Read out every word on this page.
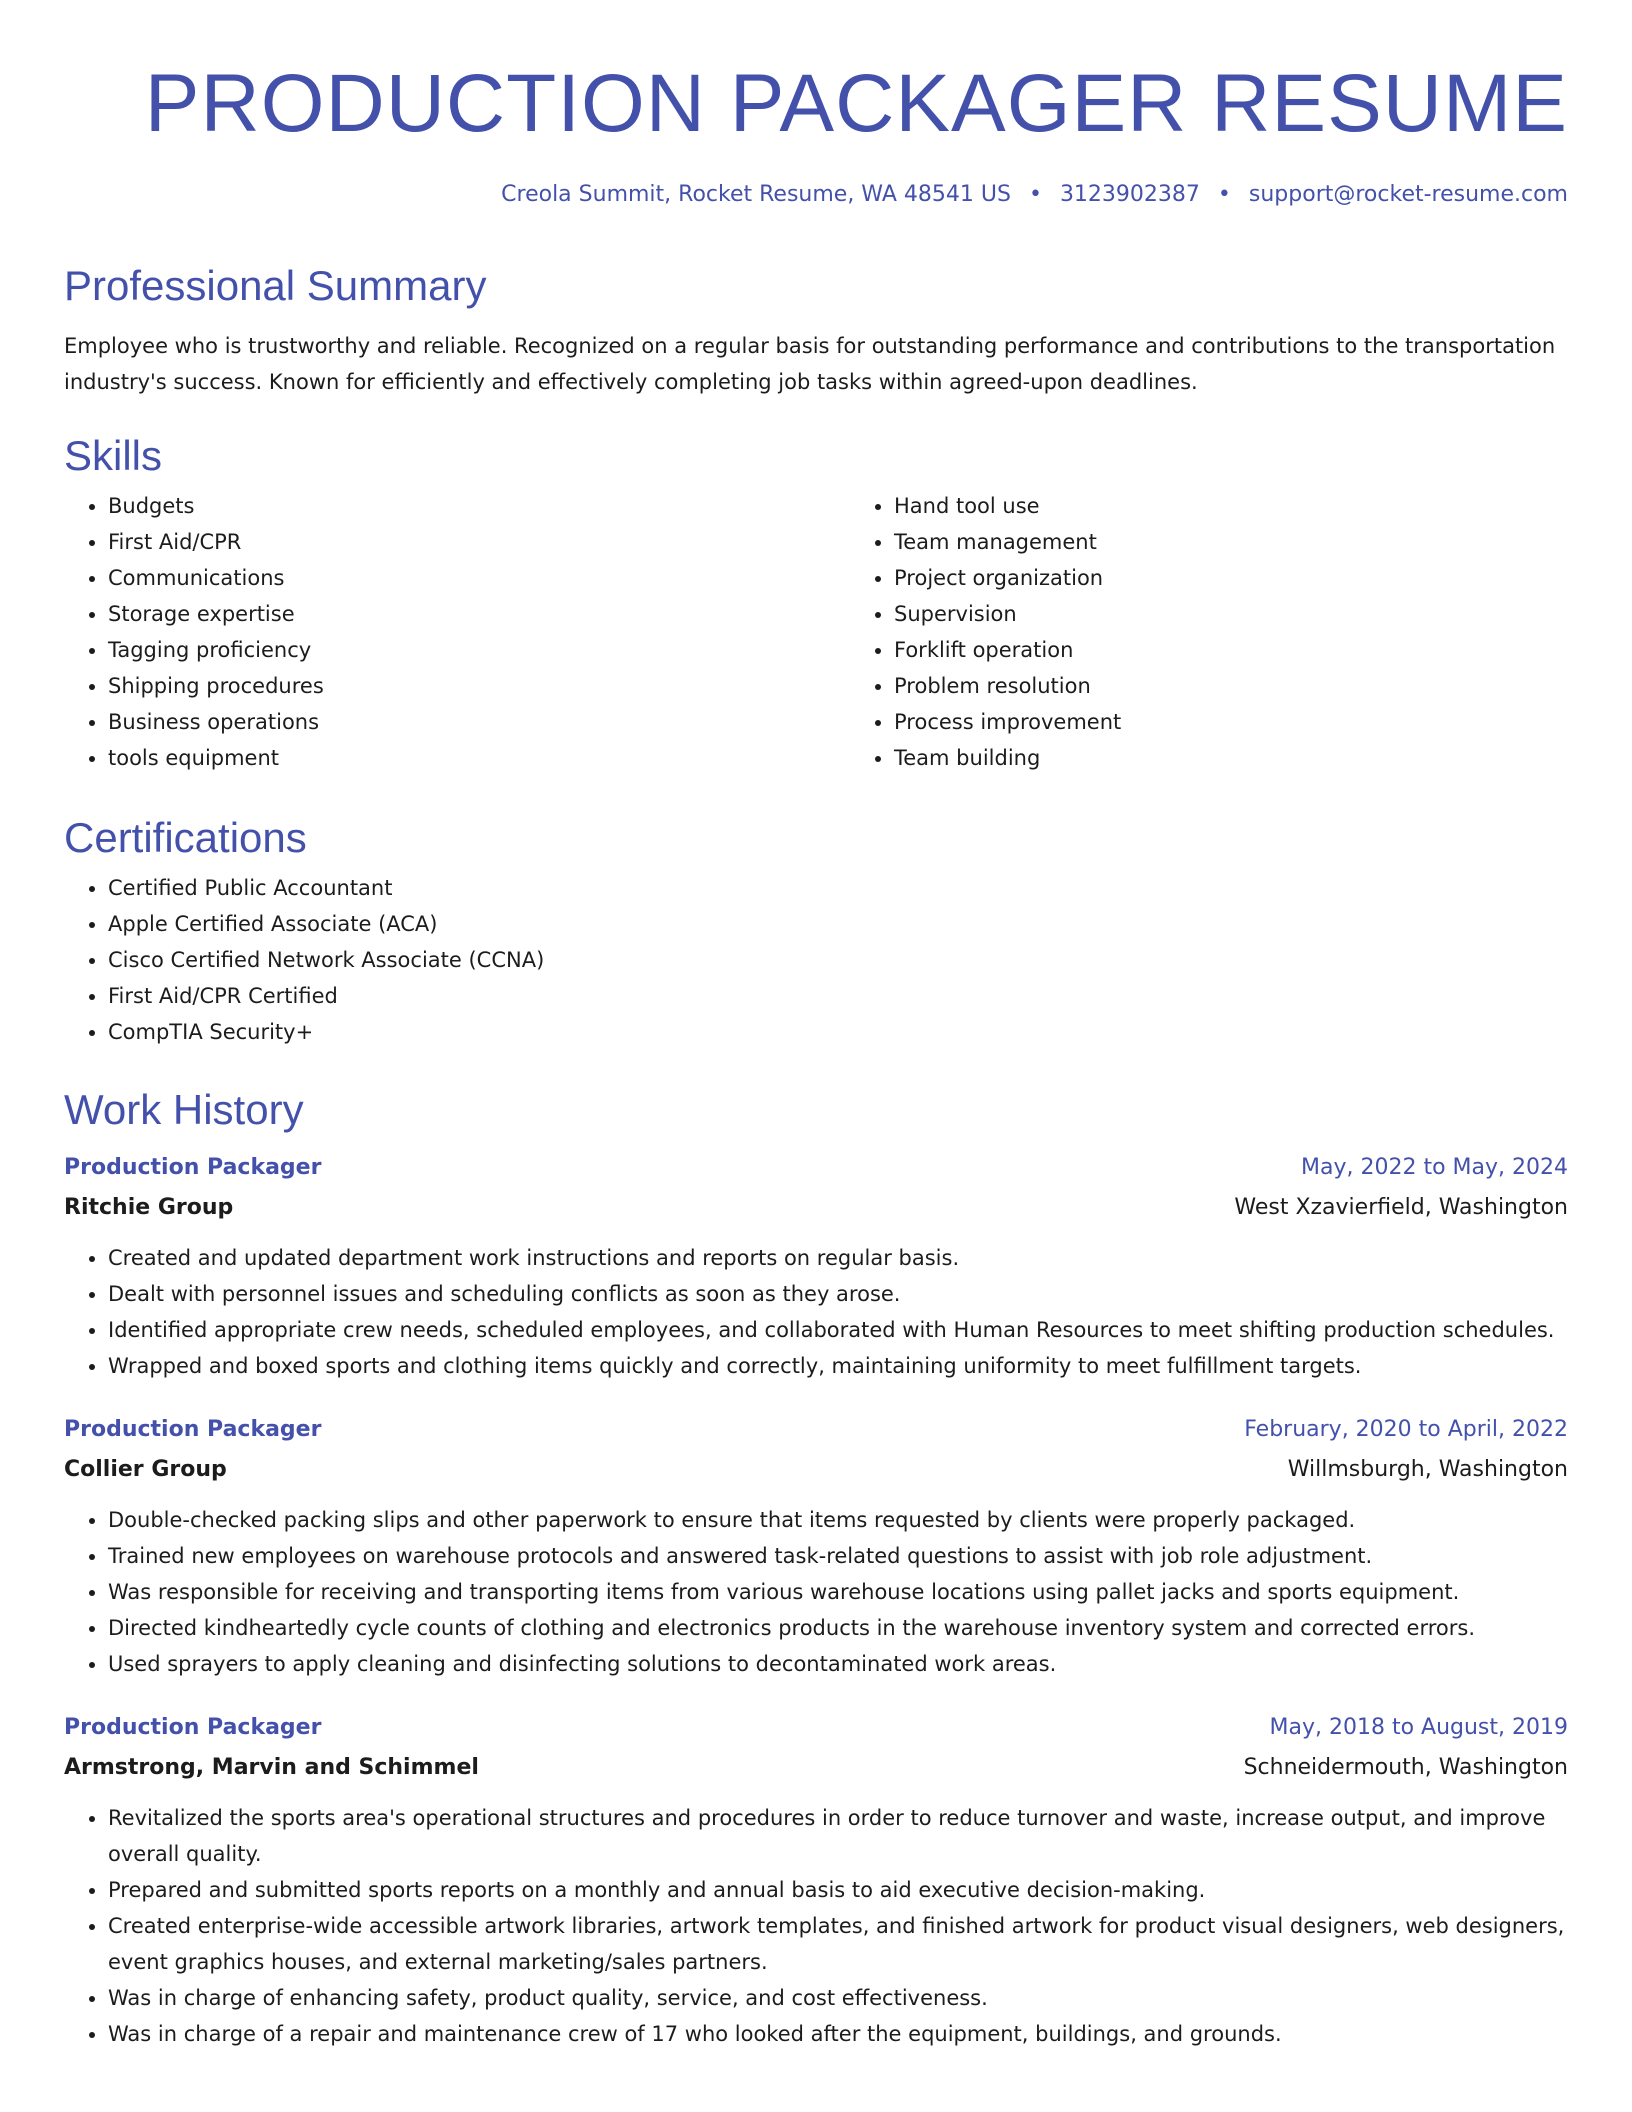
PRODUCTION PACKAGER RESUME
Creola Summit, Rocket Resume, WA 48541 US • 3123902387 • support@rocket-resume.com
Professional Summary

Employee who is trustworthy and reliable. Recognized on a regular basis for outstanding performance and contributions to the transportation industry's success. Known for efficiently and effectively completing job tasks within agreed-upon deadlines.

Skills
• Budgets
• First Aid/CPR
• Communications
• Storage expertise
• Tagging proficiency
• Shipping procedures
• Business operations
• tools equipment
• Hand tool use
• Team management
• Project organization
• Supervision
• Forklift operation
• Problem resolution
• Process improvement
• Team building
Certifications
• Certified Public Accountant
• Apple Certified Associate (ACA)
• Cisco Certified Network Associate (CCNA)
• First Aid/CPR Certified
• CompTIA Security+
Work History
Production Packager	May, 2022 to May, 2024
Ritchie Group	West Xzavierfield, Washington
• Created and updated department work instructions and reports on regular basis.
• Dealt with personnel issues and scheduling conflicts as soon as they arose.
• Identified appropriate crew needs, scheduled employees, and collaborated with Human Resources to meet shifting production schedules.
• Wrapped and boxed sports and clothing items quickly and correctly, maintaining uniformity to meet fulfillment targets.
Production Packager	February, 2020 to April, 2022
Collier Group	Willmsburgh, Washington
• Double-checked packing slips and other paperwork to ensure that items requested by clients were properly packaged.
• Trained new employees on warehouse protocols and answered task-related questions to assist with job role adjustment.
• Was responsible for receiving and transporting items from various warehouse locations using pallet jacks and sports equipment.
• Directed kindheartedly cycle counts of clothing and electronics products in the warehouse inventory system and corrected errors.
• Used sprayers to apply cleaning and disinfecting solutions to decontaminated work areas.
Production Packager	May, 2018 to August, 2019
Armstrong, Marvin and Schimmel	Schneidermouth, Washington
• Revitalized the sports area's operational structures and procedures in order to reduce turnover and waste, increase output, and improve overall quality.
• Prepared and submitted sports reports on a monthly and annual basis to aid executive decision-making.
• Created enterprise-wide accessible artwork libraries, artwork templates, and finished artwork for product visual designers, web designers, event graphics houses, and external marketing/sales partners.
• Was in charge of enhancing safety, product quality, service, and cost effectiveness.
• Was in charge of a repair and maintenance crew of 17 who looked after the equipment, buildings, and grounds.
